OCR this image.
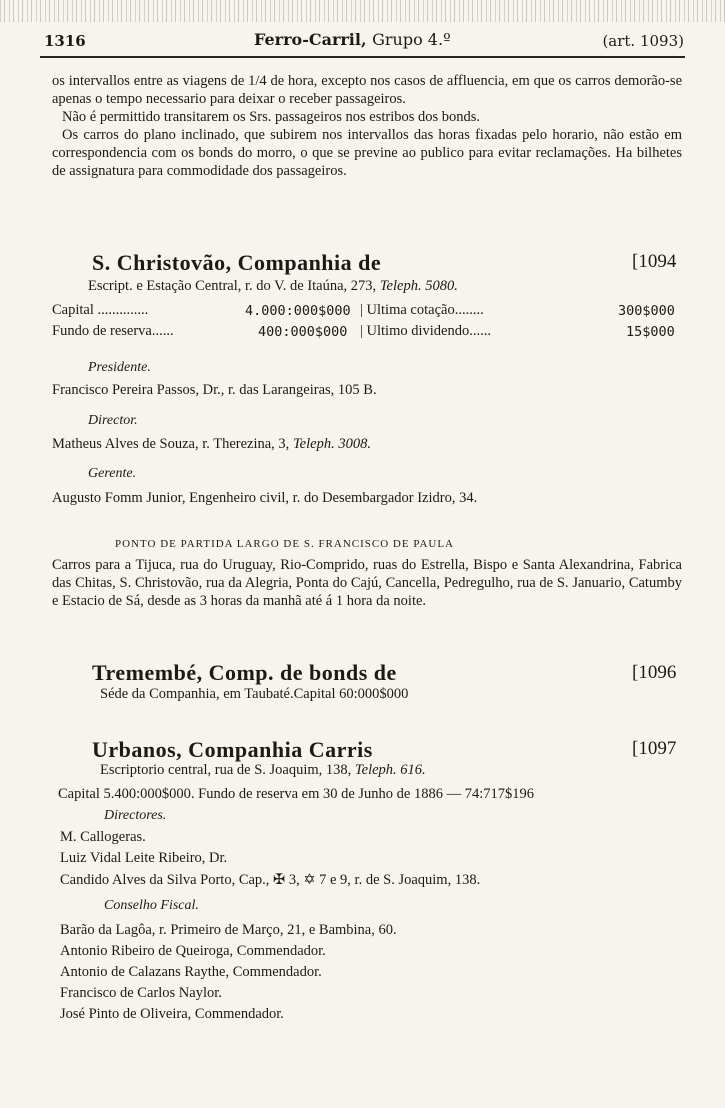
1316	Ferro-Carril, Grupo 4.º	(art. 1093)

os intervallos entre as viagens de 1/4 de hora, excepto nos casos de affluencia, em que os carros demorão-se apenas o tempo necessario para deixar o receber passageiros.

Não é permittido transitarem os Srs. passageiros nos estribos dos bonds.

Os carros do plano inclinado, que subirem nos intervallos das horas fixadas pelo horario, não estão em correspondencia com os bonds do morro, o que se previne ao publico para evitar reclamações. Ha bilhetes de assignatura para commodidade dos passageiros.

S. Christovão, Companhia de	[1094
Escript. e Estação Central, r. do V. de Itaúna, 273, Teleph. 5080.
Capital ..............	4.000:000$000 | Ultima cotação........	300$000
Fundo de reserva......	400:000$000 | Ultimo dividendo......	15$000
Presidente.
Francisco Pereira Passos, Dr., r. das Larangeiras, 105 B.
Director.
Matheus Alves de Souza, r. Therezina, 3, Teleph. 3008.
Gerente.
Augusto Fomm Junior, Engenheiro civil, r. do Desembargador Izidro, 34.
PONTO DE PARTIDA LARGO DE S. FRANCISCO DE PAULA

Carros para a Tijuca, rua do Uruguay, Rio-Comprido, ruas do Estrella, Bispo e Santa Alexandrina, Fabrica das Chitas, S. Christovão, rua da Alegria, Ponta do Cajú, Cancella, Pedregulho, rua de S. Januario, Catumby e Estacio de Sá, desde as 3 horas da manhã até á 1 hora da noite.

Tremembé, Comp. de bonds de	[1096
Séde da Companhia, em Taubaté.Capital 60:000$000
Urbanos, Companhia Carris	[1097
Escriptorio central, rua de S. Joaquim, 138, Teleph. 616.
Capital 5.400:000$000. Fundo de reserva em 30 de Junho de 1886 — 74:717$196
Directores.
M. Callogeras.
Luiz Vidal Leite Ribeiro, Dr.
Candido Alves da Silva Porto, Cap., ✠ 3, ✡ 7 e 9, r. de S. Joaquim, 138.
Conselho Fiscal.
Barão da Lagôa, r. Primeiro de Março, 21, e Bambina, 60.
Antonio Ribeiro de Queiroga, Commendador.
Antonio de Calazans Raythe, Commendador.
Francisco de Carlos Naylor.
José Pinto de Oliveira, Commendador.
